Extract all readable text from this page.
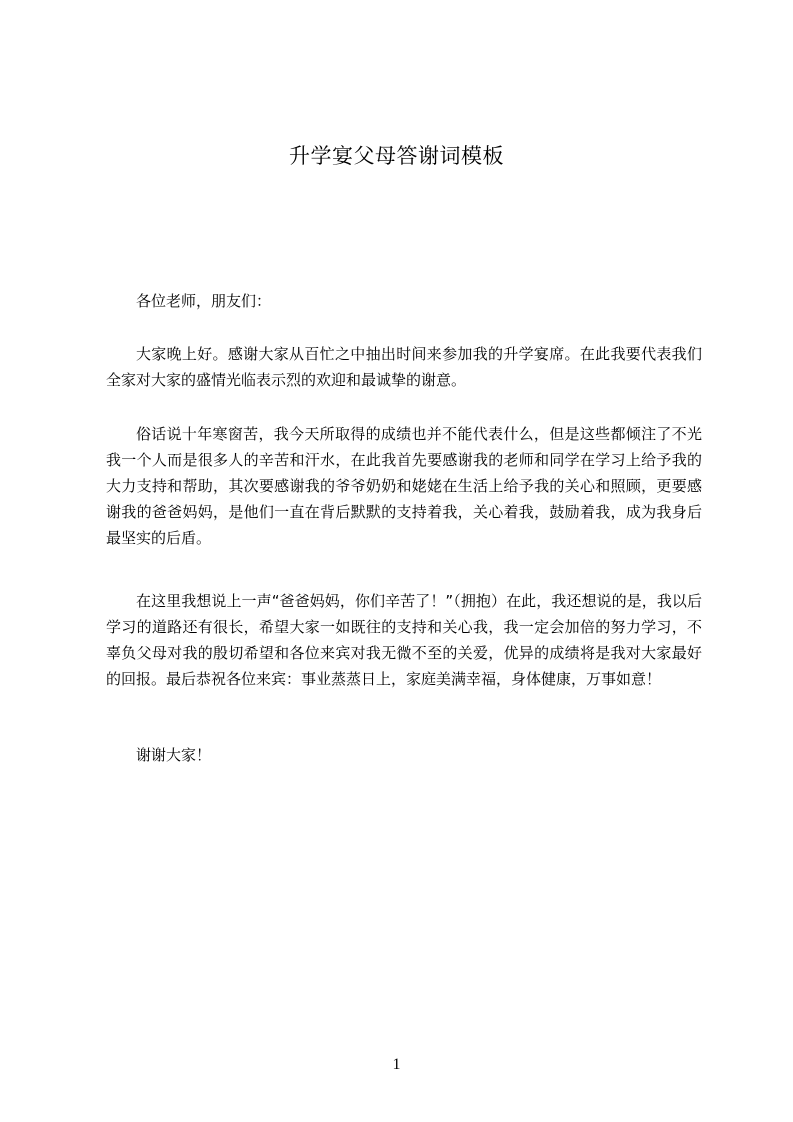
升学宴父母答谢词模板

各位老师，朋友们：

大家晚上好。感谢大家从百忙之中抽出时间来参加我的升学宴席。在此我要代表我们全家对大家的盛情光临表示烈的欢迎和最诚挚的谢意。

俗话说十年寒窗苦，我今天所取得的成绩也并不能代表什么，但是这些都倾注了不光我一个人而是很多人的辛苦和汗水，在此我首先要感谢我的老师和同学在学习上给予我的大力支持和帮助，其次要感谢我的爷爷奶奶和姥姥在生活上给予我的关心和照顾，更要感谢我的爸爸妈妈，是他们一直在背后默默的支持着我，关心着我，鼓励着我，成为我身后最坚实的后盾。

在这里我想说上一声“爸爸妈妈，你们辛苦了！”（拥抱）在此，我还想说的是，我以后学习的道路还有很长，希望大家一如既往的支持和关心我，我一定会加倍的努力学习，不辜负父母对我的殷切希望和各位来宾对我无微不至的关爱，优异的成绩将是我对大家最好的回报。最后恭祝各位来宾：事业蒸蒸日上，家庭美满幸福，身体健康，万事如意！

谢谢大家！

1
